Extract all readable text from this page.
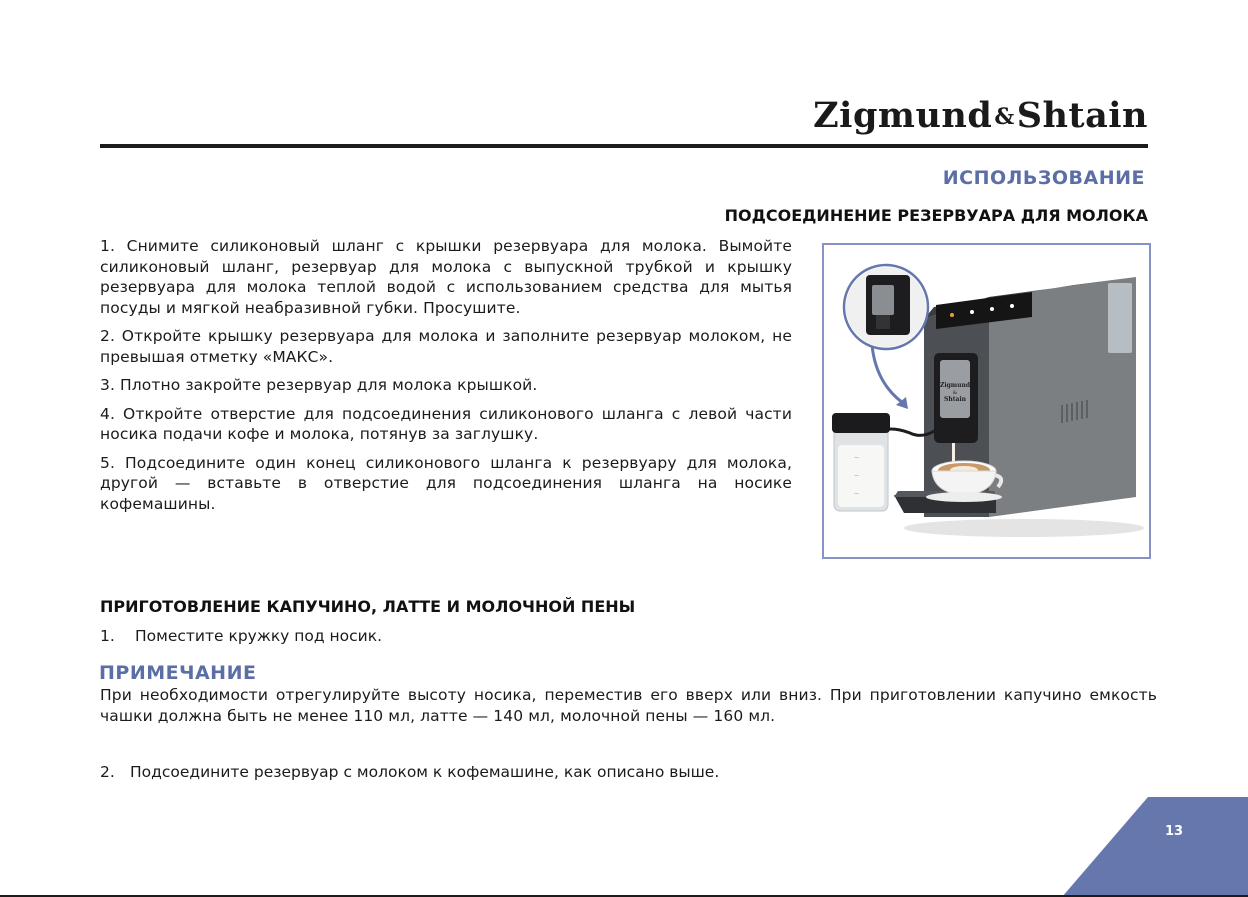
Zigmund&Shtain
ИСПОЛЬЗОВАНИЕ
ПОДСОЕДИНЕНИЕ РЕЗЕРВУАРА ДЛЯ МОЛОКА

1. Снимите силиконовый шланг с крышки резервуара для молока. Вымойте силиконовый шланг, резервуар для молока с выпускной трубкой и крышку резервуара для молока теплой водой с использованием средства для мытья посуды и мягкой неабразивной губки. Просушите.

2. Откройте крышку резервуара для молока и заполните резервуар молоком, не превышая отметку «МАКС».

3. Плотно закройте резервуар для молока крышкой.

4. Откройте отверстие для подсоединения силиконового шланга с левой части носика подачи кофе и молока, потянув за заглушку.

5. Подсоедините один конец силиконового шланга к резервуару для молока, другой — вставьте в отверстие для подсоединения шланга на носике кофемашины.

Zigmund
&
Shtain
—
—
—
ПРИГОТОВЛЕНИЕ КАПУЧИНО, ЛАТТЕ И МОЛОЧНОЙ ПЕНЫ
1. Поместите кружку под носик.
ПРИМЕЧАНИЕ
При необходимости отрегулируйте высоту носика, переместив его вверх или вниз. При приготовлении капучино емкость чашки должна быть не менее 110 мл, латте — 140 мл, молочной пены — 160 мл.
2. Подсоедините резервуар с молоком к кофемашине, как описано выше.
13
